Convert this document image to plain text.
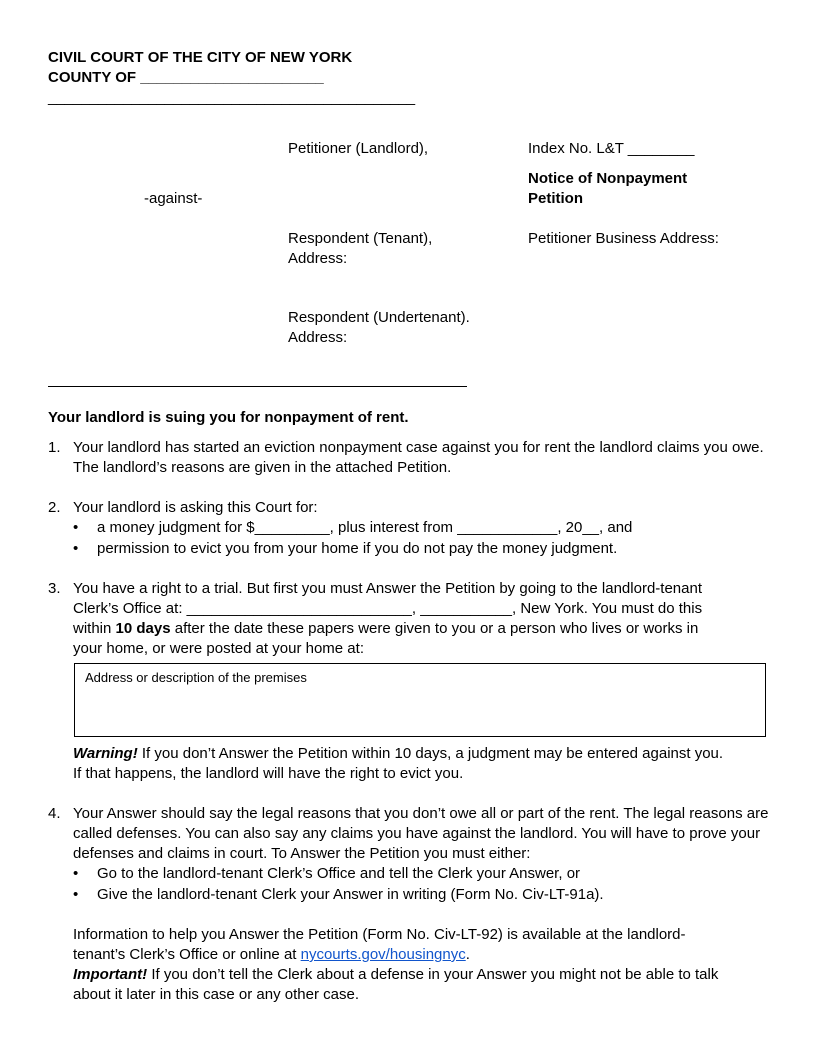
CIVIL COURT OF THE CITY OF NEW YORK
COUNTY OF ______________________
____________________________________________
Petitioner (Landlord),	Index No. L&T ________
Notice of Nonpayment
Petition
-against-
Respondent (Tenant),	Petitioner Business Address:
Address:
Respondent (Undertenant).
Address:
Your landlord is suing you for nonpayment of rent.
1. Your landlord has started an eviction nonpayment case against you for rent the landlord claims you owe. The landlord’s reasons are given in the attached Petition.
2. Your landlord is asking this Court for:
• a money judgment for $_________, plus interest from ____________, 20__, and
• permission to evict you from your home if you do not pay the money judgment.
3. You have a right to a trial. But first you must Answer the Petition by going to the landlord-tenant
Clerk’s Office at: ___________________________, ___________, New York. You must do this
within 10 days after the date these papers were given to you or a person who lives or works in
your home, or were posted at your home at:
Address or description of the premises
Warning! If you don’t Answer the Petition within 10 days, a judgment may be entered against you.
If that happens, the landlord will have the right to evict you.
4. Your Answer should say the legal reasons that you don’t owe all or part of the rent. The legal reasons are called defenses. You can also say any claims you have against the landlord. You will have to prove your defenses and claims in court. To Answer the Petition you must either:
• Go to the landlord-tenant Clerk’s Office and tell the Clerk your Answer, or
• Give the landlord-tenant Clerk your Answer in writing (Form No. Civ-LT-91a).
Information to help you Answer the Petition (Form No. Civ-LT-92) is available at the landlord-
tenant’s Clerk’s Office or online at nycourts.gov/housingnyc.
Important! If you don’t tell the Clerk about a defense in your Answer you might not be able to talk
about it later in this case or any other case.
